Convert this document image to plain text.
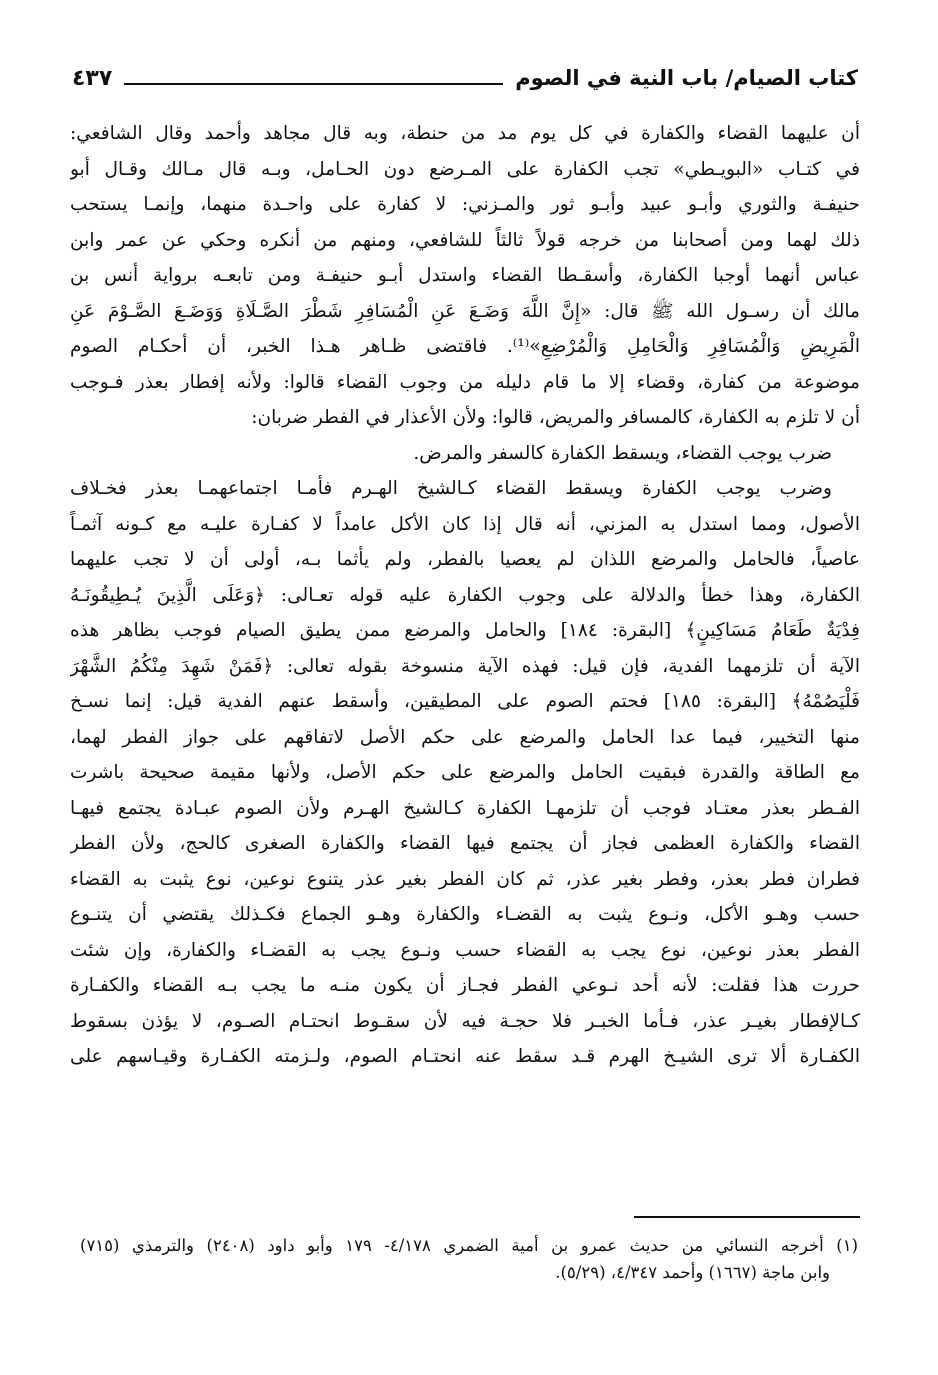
كتاب الصيام/ باب النية في الصوم
٤٣٧
أن عليهما القضاء والكفارة في كل يوم مد من حنطة، وبه قال مجاهد وأحمد وقال الشافعي:
في كتـاب «البويـطي» تجب الكفارة على المـرضع دون الحـامل، وبـه قال مـالك وقـال أبو
حنيفـة والثوري وأبـو عبيد وأبـو ثور والمـزني: لا كفارة على واحـدة منهما، وإنمـا يستحب
ذلك لهما ومن أصحابنا من خرجه قولاً ثالثاً للشافعي، ومنهم من أنكره وحكي عن عمر وابن
عباس أنهما أوجبا الكفارة، وأسقـطا القضاء واستدل أبـو حنيفـة ومن تابعـه برواية أنس بن
مالك أن رسـول الله ﷺ قال: «إِنَّ اللَّهَ وَضَـعَ عَنِ الْمُسَافِرِ شَطْرَ الصَّـلَاةِ وَوَضَـعَ الصَّـوْمَ عَنِ
الْمَرِيضِ وَالْمُسَافِرِ وَالْحَامِلِ وَالْمُرْضِعِ»⁽¹⁾. فاقتضى ظـاهر هـذا الخبر، أن أحكـام الصوم
موضوعة من كفارة، وقضاء إلا ما قام دليله من وجوب القضاء قالوا: ولأنه إفطار بعذر فـوجب
أن لا تلزم به الكفارة، كالمسافر والمريض، قالوا: ولأن الأعذار في الفطر ضربان:
ضرب يوجب القضاء، ويسقط الكفارة كالسفر والمرض.
وضرب يوجب الكفارة ويسقط القضاء كـالشيخ الهـرم فأمـا اجتماعهمـا بعذر فخـلاف
الأصول، ومما استدل به المزني، أنه قال إذا كان الأكل عامداً لا كفـارة عليـه مع كـونه آثمـاً
عاصياً، فالحامل والمرضع اللذان لم يعصيا بالفطر، ولم يأثما بـه، أولى أن لا تجب عليهما
الكفارة، وهذا خطأ والدلالة على وجوب الكفارة عليه قوله تعـالى: ﴿وَعَلَى الَّذِينَ يُـطِيقُونَـهُ
فِدْيَةٌ طَعَامُ مَسَاكِينٍ﴾ [البقرة: ١٨٤] والحامل والمرضع ممن يطيق الصيام فوجب بظاهر هذه
الآية أن تلزمهما الفدية، فإن قيل: فهذه الآية منسوخة بقوله تعالى: ﴿فَمَنْ شَهِدَ مِنْكُمُ الشَّهْرَ
فَلْيَصُمْهُ﴾ [البقرة: ١٨٥] فحتم الصوم على المطيقين، وأسقط عنهم الفدية قيل: إنما نسـخ
منها التخيير، فيما عدا الحامل والمرضع على حكم الأصل لاتفاقهم على جواز الفطر لهما،
مع الطاقة والقدرة فبقيت الحامل والمرضع على حكم الأصل، ولأنها مقيمة صحيحة باشرت
الفـطر بعذر معتـاد فوجب أن تلزمهـا الكفارة كـالشيخ الهـرم ولأن الصوم عبـادة يجتمع فيهـا
القضاء والكفارة العظمى فجاز أن يجتمع فيها القضاء والكفارة الصغرى كالحج، ولأن الفطر
فطران فطر بعذر، وفطر بغير عذر، ثم كان الفطر بغير عذر يتنوع نوعين، نوع يثبت به القضاء
حسب وهـو الأكل، ونـوع يثبت به القضـاء والكفارة وهـو الجماع فكـذلك يقتضي أن يتنـوع
الفطر بعذر نوعين، نوع يجب به القضاء حسب ونـوع يجب به القضـاء والكفارة، وإن شئت
حررت هذا فقلت: لأنه أحد نـوعي الفطر فجـاز أن يكون منـه ما يجب بـه القضاء والكفـارة
كـالإفطار بغيـر عذر، فـأما الخبـر فلا حجـة فيه لأن سقـوط انحتـام الصـوم، لا يؤذن بسقوط
الكفـارة ألا ترى الشيـخ الهرم قـد سقط عنه انحتـام الصوم، ولـزمته الكفـارة وقيـاسهم على
(١) أخرجه النسائي من حديث عمرو بن أمية الضمري ٤/١٧٨- ١٧٩ وأبو داود (٢٤٠٨) والترمذي (٧١٥)
وابن ماجة (١٦٦٧) وأحمد ٤/٣٤٧، (٥/٢٩).
